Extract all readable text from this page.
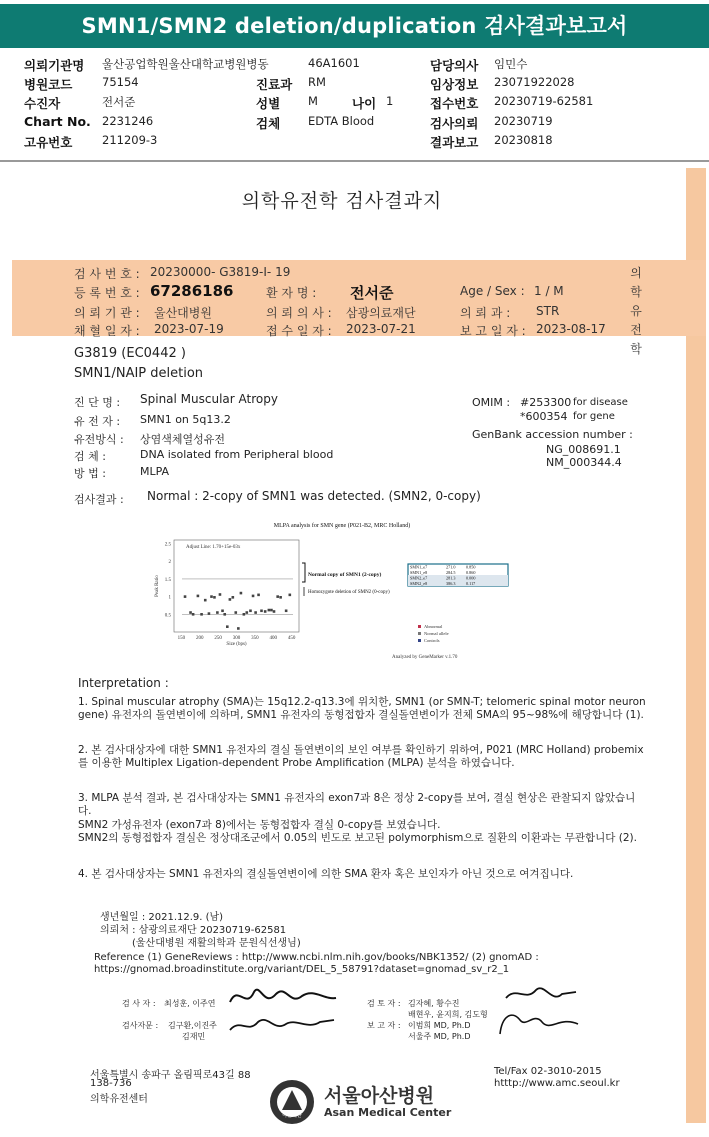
SMN1/SMN2 deletion/duplication 검사결과보고서
의뢰기관명 울산공업학원울산대학교병원병동	46A1601	담당의사 임민수
병원코드	75154	진료과 RM	임상정보 23071922028
수진자	전서준	성별 M	나이 1	접수번호 20230719-62581
Chart No. 2231246	검체 EDTA Blood	검사의뢰 20230719
고유번호	211209-3	결과보고 20230818
의학유전학 검사결과지
검 사 번 호 : 20230000- G3819-I- 19
등 록 번 호 : 67286186	환 자 명 : 전서준	Age / Sex : 1 / M
의 뢰 기 관 : 울산대병원	의 뢰 의 사 : 삼광의료재단	의 뢰 과 : STR
채 혈 일 자 : 2023-07-19	접 수 일 자 : 2023-07-21	보 고 일 자 : 2023-08-17
의
학
유
전
학
G3819 (EC0442 )
SMN1/NAIP deletion
진 단 명 : Spinal Muscular Atropy
유 전 자 : SMN1 on 5q13.2
유전방식 : 상염색체열성유전
검 체 :	DNA isolated from Peripheral blood
방 법 :	MLPA
OMIM : #253300 for disease
*600354 for gene
GenBank accession number :
NG_008691.1
NM_000344.4
검사결과 : Normal : 2-copy of SMN1 was detected. (SMN2, 0-copy)
MLPA analysis for SMN gene (P021-B2, MRC Holland)
Adjust Line: 1.70+15e-03x
150 200 250 300 350 400 450
0.5
1
1.5
2
2.5
Size (bps)
Peak Ratio
Normal copy of SMN1 (2-copy)
Homozygote deletion of SMN2 (0-copy)
SMN1_e7	271.0	0.850
SMN1_e8	284.5	0.860
SMN2_e7	281.3	0.000
SMN2_e8	386.3	0.117
Abnormal
Normal allele
Controls
Analyzed by GeneMarker v.1.70
Interpretation :
1. Spinal muscular atrophy (SMA)는 15q12.2-q13.3에 위치한, SMN1 (or SMN-T; telomeric spinal motor neuron gene) 유전자의 돌연변이에 의하며, SMN1 유전자의 동형접합자 결실돌연변이가 전체 SMA의 95~98%에 해당합니다 (1).
2. 본 검사대상자에 대한 SMN1 유전자의 결실 돌연변이의 보인 여부를 확인하기 위하여, P021 (MRC Holland) probemix를 이용한 Multiplex Ligation-dependent Probe Amplification (MLPA) 분석을 하였습니다.
3. MLPA 분석 결과, 본 검사대상자는 SMN1 유전자의 exon7과 8은 정상 2-copy를 보여, 결실 현상은 관찰되지 않았습니다.
SMN2 가성유전자 (exon7과 8)에서는 동형접합자 결실 0-copy를 보였습니다.
SMN2의 동형접합자 결실은 정상대조군에서 0.05의 빈도로 보고된 polymorphism으로 질환의 이환과는 무관합니다 (2).
4. 본 검사대상자는 SMN1 유전자의 결실돌연변이에 의한 SMA 환자 혹은 보인자가 아닌 것으로 여겨집니다.
생년월일 : 2021.12.9. (남)
의뢰처 : 삼광의료재단 20230719-62581
(울산대병원 재활의학과 문원식선생님)
Reference (1) GeneReviews : http://www.ncbi.nlm.nih.gov/books/NBK1352/ (2) gnomAD :
https://gnomad.broadinstitute.org/variant/DEL_5_58791?dataset=gnomad_sv_r2_1
검 사 자 : 최성훈, 이주연
검사자문 : 김구환,이진주
김재민
검 토 자 : 김자혜, 황수진
배현우, 윤지희, 김도형
보 고 자 : 이범희 MD, Ph.D
서울주 MD, Ph.D
서울특별시 송파구 올림픽로43길 88
138-736
의학유전센터
Tel/Fax 02-3010-2015
htttp://www.amc.seoul.kr
아산재단
서울아산병원
Asan Medical Center
